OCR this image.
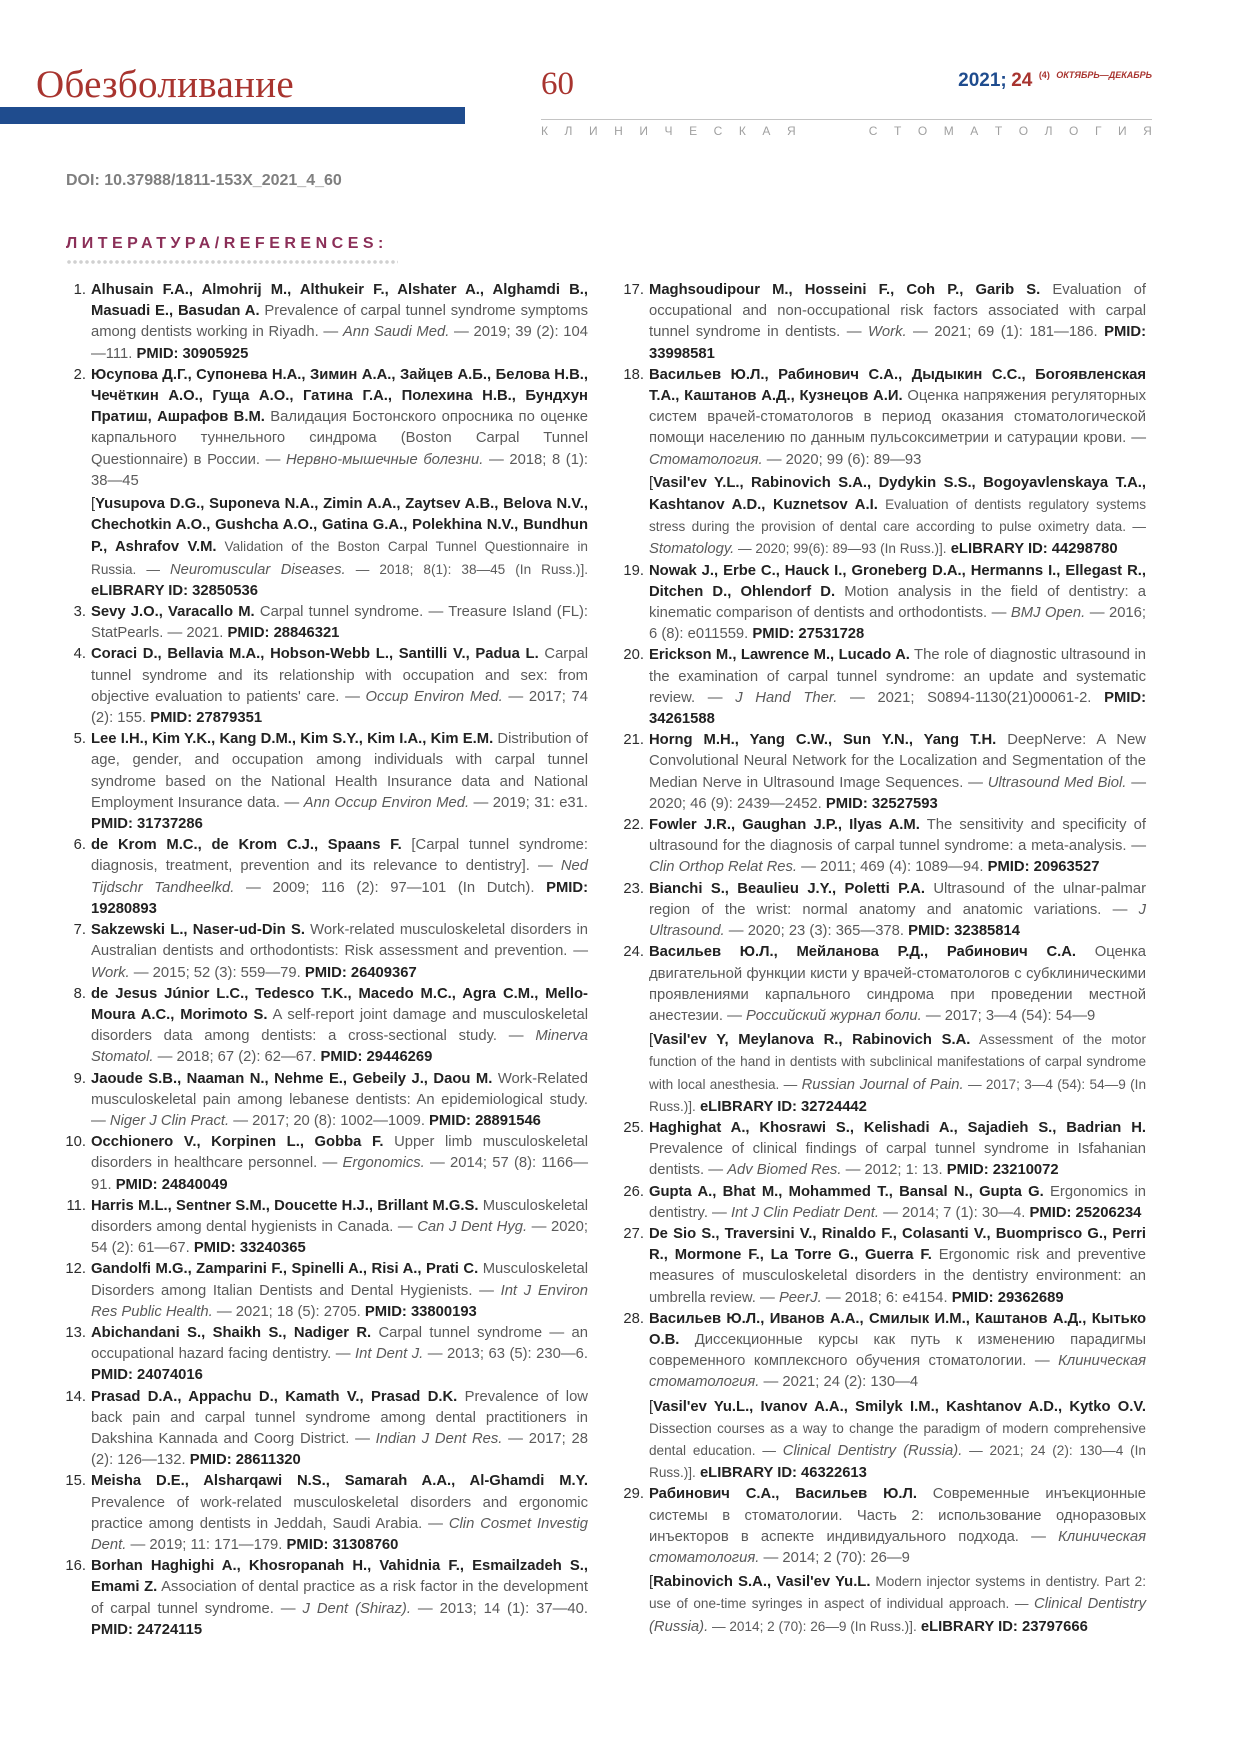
Обезболивание	60	2021; 24 $^{(4)}$ $^{ОКТЯБРЬ—ДЕКАБРЬ}$
К Л И Н И Ч Е С К А Я	С Т О М А Т О Л О Г И Я
DOI: 10.37988/1811-153X_2021_4_60
ЛИТЕРАТУРА/REFERENCES:
1. Alhusain F.A., Almohrij M., Althukeir F., Alshater A., Alghamdi B., Masuadi E., Basudan A. Prevalence of carpal tunnel syndrome symptoms among dentists working in Riyadh. — Ann Saudi Med. — 2019; 39 (2): 104—111. PMID: 30905925
2. Юсупова Д.Г., Супонева Н.А., Зимин А.А., Зайцев А.Б., Белова Н.В., Чечёткин А.О., Гуща А.О., Гатина Г.А., Полехина Н.В., Бундхун Пратиш, Ашрафов В.М. Валидация Бостонского опросника по оценке карпального туннельного синдрома (Boston Carpal Tunnel Questionnaire) в России. — Нервно-мышечные болезни. — 2018; 8 (1): 38—45
[Yusupova D.G., Suponeva N.A., Zimin A.A., Zaytsev A.B., Belova N.V., Chechotkin A.O., Gushcha A.O., Gatina G.A., Polekhina N.V., Bundhun P., Ashrafov V.M. Validation of the Boston Carpal Tunnel Questionnaire in Russia. — Neuromuscular Diseases. — 2018; 8(1): 38—45 (In Russ.)]. eLIBRARY ID: 32850536
3. Sevy J.O., Varacallo M. Carpal tunnel syndrome. — Treasure Island (FL): StatPearls. — 2021. PMID: 28846321
4. Coraci D., Bellavia M.A., Hobson-Webb L., Santilli V., Padua L. Carpal tunnel syndrome and its relationship with occupation and sex: from objective evaluation to patients' care. — Occup Environ Med. — 2017; 74 (2): 155. PMID: 27879351
5. Lee I.H., Kim Y.K., Kang D.M., Kim S.Y., Kim I.A., Kim E.M. Distribution of age, gender, and occupation among individuals with carpal tunnel syndrome based on the National Health Insurance data and National Employment Insurance data. — Ann Occup Environ Med. — 2019; 31: e31. PMID: 31737286
6. de Krom M.C., de Krom C.J., Spaans F. [Carpal tunnel syndrome: diagnosis, treatment, prevention and its relevance to dentistry]. — Ned Tijdschr Tandheelkd. — 2009; 116 (2): 97—101 (In Dutch). PMID: 19280893
7. Sakzewski L., Naser-ud-Din S. Work-related musculoskeletal disorders in Australian dentists and orthodontists: Risk assessment and prevention. — Work. — 2015; 52 (3): 559—79. PMID: 26409367
8. de Jesus Júnior L.C., Tedesco T.K., Macedo M.C., Agra C.M., Mello-Moura A.C., Morimoto S. A self-report joint damage and musculoskeletal disorders data among dentists: a cross-sectional study. — Minerva Stomatol. — 2018; 67 (2): 62—67. PMID: 29446269
9. Jaoude S.B., Naaman N., Nehme E., Gebeily J., Daou M. Work-Related musculoskeletal pain among lebanese dentists: An epidemiological study. — Niger J Clin Pract. — 2017; 20 (8): 1002—1009. PMID: 28891546
10. Occhionero V., Korpinen L., Gobba F. Upper limb musculoskeletal disorders in healthcare personnel. — Ergonomics. — 2014; 57 (8): 1166—91. PMID: 24840049
11. Harris M.L., Sentner S.M., Doucette H.J., Brillant M.G.S. Musculoskeletal disorders among dental hygienists in Canada. — Can J Dent Hyg. — 2020; 54 (2): 61—67. PMID: 33240365
12. Gandolfi M.G., Zamparini F., Spinelli A., Risi A., Prati C. Musculoskeletal Disorders among Italian Dentists and Dental Hygienists. — Int J Environ Res Public Health. — 2021; 18 (5): 2705. PMID: 33800193
13. Abichandani S., Shaikh S., Nadiger R. Carpal tunnel syndrome — an occupational hazard facing dentistry. — Int Dent J. — 2013; 63 (5): 230—6. PMID: 24074016
14. Prasad D.A., Appachu D., Kamath V., Prasad D.K. Prevalence of low back pain and carpal tunnel syndrome among dental practitioners in Dakshina Kannada and Coorg District. — Indian J Dent Res. — 2017; 28 (2): 126—132. PMID: 28611320
15. Meisha D.E., Alsharqawi N.S., Samarah A.A., Al-Ghamdi M.Y. Prevalence of work-related musculoskeletal disorders and ergonomic practice among dentists in Jeddah, Saudi Arabia. — Clin Cosmet Investig Dent. — 2019; 11: 171—179. PMID: 31308760
16. Borhan Haghighi A., Khosropanah H., Vahidnia F., Esmailzadeh S., Emami Z. Association of dental practice as a risk factor in the development of carpal tunnel syndrome. — J Dent (Shiraz). — 2013; 14 (1): 37—40. PMID: 24724115
17. Maghsoudipour M., Hosseini F., Coh P., Garib S. Evaluation of occupational and non-occupational risk factors associated with carpal tunnel syndrome in dentists. — Work. — 2021; 69 (1): 181—186. PMID: 33998581
18. Васильев Ю.Л., Рабинович С.А., Дыдыкин С.С., Богоявленская Т.А., Каштанов А.Д., Кузнецов А.И. Оценка напряжения регуляторных систем врачей-стоматологов в период оказания стоматологической помощи населению по данным пульсоксиметрии и сатурации крови. — Стоматология. — 2020; 99 (6): 89—93
[Vasil'ev Y.L., Rabinovich S.A., Dydykin S.S., Bogoyavlenskaya T.A., Kashtanov A.D., Kuznetsov A.I. Evaluation of dentists regulatory systems stress during the provision of dental care according to pulse oximetry data. — Stomatology. — 2020; 99(6): 89—93 (In Russ.)]. eLIBRARY ID: 44298780
19. Nowak J., Erbe C., Hauck I., Groneberg D.A., Hermanns I., Ellegast R., Ditchen D., Ohlendorf D. Motion analysis in the field of dentistry: a kinematic comparison of dentists and orthodontists. — BMJ Open. — 2016; 6 (8): e011559. PMID: 27531728
20. Erickson M., Lawrence M., Lucado A. The role of diagnostic ultrasound in the examination of carpal tunnel syndrome: an update and systematic review. — J Hand Ther. — 2021; S0894-1130(21)00061-2. PMID: 34261588
21. Horng M.H., Yang C.W., Sun Y.N., Yang T.H. DeepNerve: A New Convolutional Neural Network for the Localization and Segmentation of the Median Nerve in Ultrasound Image Sequences. — Ultrasound Med Biol. — 2020; 46 (9): 2439—2452. PMID: 32527593
22. Fowler J.R., Gaughan J.P., Ilyas A.M. The sensitivity and specificity of ultrasound for the diagnosis of carpal tunnel syndrome: a meta-analysis. — Clin Orthop Relat Res. — 2011; 469 (4): 1089—94. PMID: 20963527
23. Bianchi S., Beaulieu J.Y., Poletti P.A. Ultrasound of the ulnar-palmar region of the wrist: normal anatomy and anatomic variations. — J Ultrasound. — 2020; 23 (3): 365—378. PMID: 32385814
24. Васильев Ю.Л., Мейланова Р.Д., Рабинович С.А. Оценка двигательной функции кисти у врачей-стоматологов с субклиническими проявлениями карпального синдрома при проведении местной анестезии. — Российский журнал боли. — 2017; 3—4 (54): 54—9
[Vasil'ev Y, Meylanova R., Rabinovich S.A. Assessment of the motor function of the hand in dentists with subclinical manifestations of carpal syndrome with local anesthesia. — Russian Journal of Pain. — 2017; 3—4 (54): 54—9 (In Russ.)]. eLIBRARY ID: 32724442
25. Haghighat A., Khosrawi S., Kelishadi A., Sajadieh S., Badrian H. Prevalence of clinical findings of carpal tunnel syndrome in Isfahanian dentists. — Adv Biomed Res. — 2012; 1: 13. PMID: 23210072
26. Gupta A., Bhat M., Mohammed T., Bansal N., Gupta G. Ergonomics in dentistry. — Int J Clin Pediatr Dent. — 2014; 7 (1): 30—4. PMID: 25206234
27. De Sio S., Traversini V., Rinaldo F., Colasanti V., Buomprisco G., Perri R., Mormone F., La Torre G., Guerra F. Ergonomic risk and preventive measures of musculoskeletal disorders in the dentistry environment: an umbrella review. — PeerJ. — 2018; 6: e4154. PMID: 29362689
28. Васильев Ю.Л., Иванов А.А., Смилык И.М., Каштанов А.Д., Кытько О.В. Диссекционные курсы как путь к изменению парадигмы современного комплексного обучения стоматологии. — Клиническая стоматология. — 2021; 24 (2): 130—4
[Vasil'ev Yu.L., Ivanov A.A., Smilyk I.M., Kashtanov A.D., Kytko O.V. Dissection courses as a way to change the paradigm of modern comprehensive dental education. — Clinical Dentistry (Russia). — 2021; 24 (2): 130—4 (In Russ.)]. eLIBRARY ID: 46322613
29. Рабинович С.А., Васильев Ю.Л. Современные инъекционные системы в стоматологии. Часть 2: использование одноразовых инъекторов в аспекте индивидуального подхода. — Клиническая стоматология. — 2014; 2 (70): 26—9
[Rabinovich S.A., Vasil'ev Yu.L. Modern injector systems in dentistry. Part 2: use of one-time syringes in aspect of individual approach. — Clinical Dentistry (Russia). — 2014; 2 (70): 26—9 (In Russ.)]. eLIBRARY ID: 23797666
